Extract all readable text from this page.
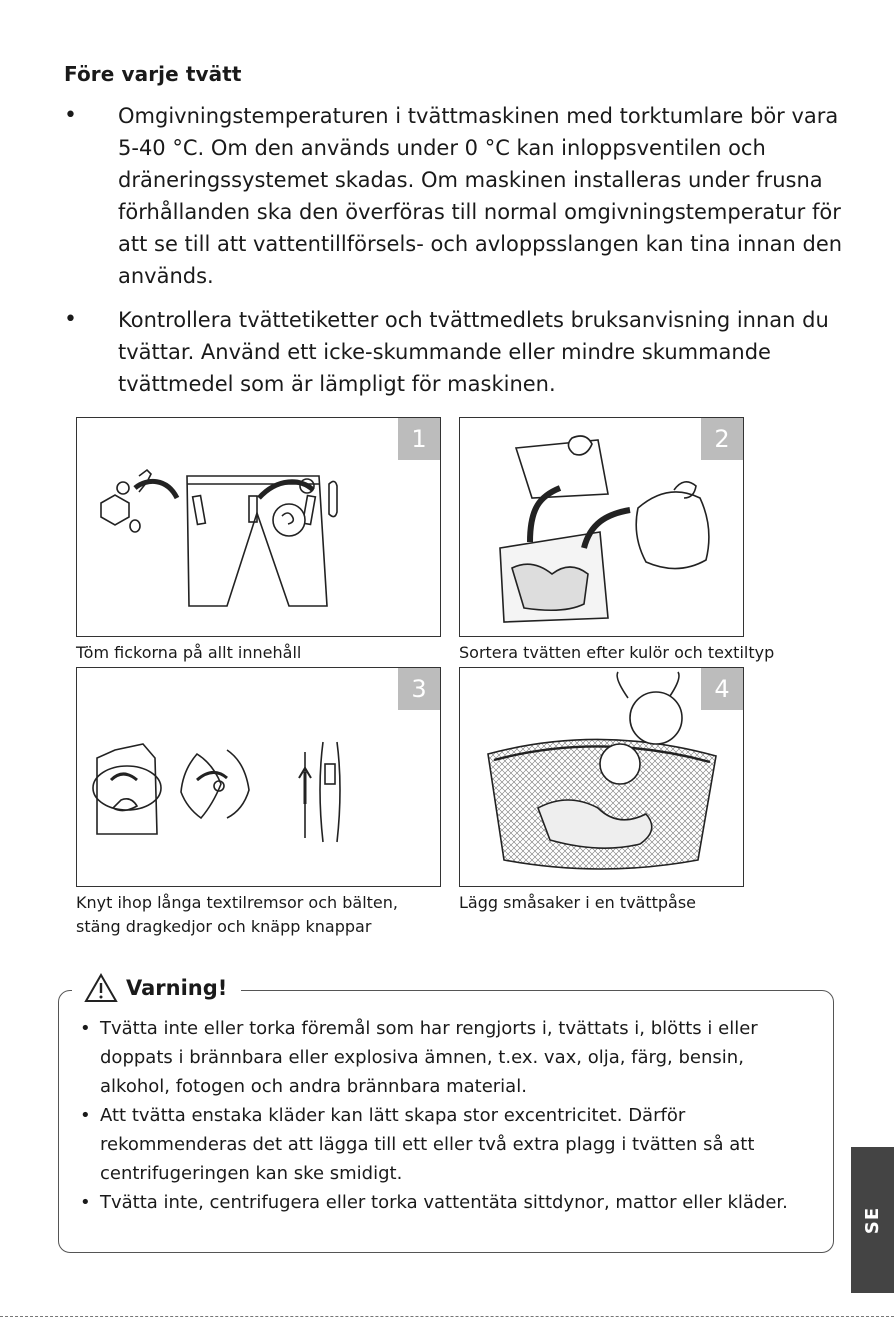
Före varje tvätt
• Omgivningstemperaturen i tvättmaskinen med torktumlare bör vara 5-40 °C. Om den används under 0 °C kan inloppsventilen och dräneringssystemet skadas. Om maskinen installeras under frusna förhållanden ska den överföras till normal omgivningstemperatur för att se till att vattentillförsels- och avloppsslangen kan tina innan den används.
• Kontrollera tvättetiketter och tvättmedlets bruksanvisning innan du tvättar. Använd ett icke-skummande eller mindre skummande tvättmedel som är lämpligt för maskinen.
1
Töm fickorna på allt innehåll
2
Sortera tvätten efter kulör och textiltyp
3
Knyt ihop långa textilremsor och bälten, stäng dragkedjor och knäpp knappar
4
Lägg småsaker i en tvättpåse
Varning!
• Tvätta inte eller torka föremål som har rengjorts i, tvättats i, blötts i eller doppats i brännbara eller explosiva ämnen, t.ex. vax, olja, färg, bensin, alkohol, fotogen och andra brännbara material.
• Att tvätta enstaka kläder kan lätt skapa stor excentricitet. Därför rekommenderas det att lägga till ett eller två extra plagg i tvätten så att centrifugeringen kan ske smidigt.
• Tvätta inte, centrifugera eller torka vattentäta sittdynor, mattor eller kläder.
SE
